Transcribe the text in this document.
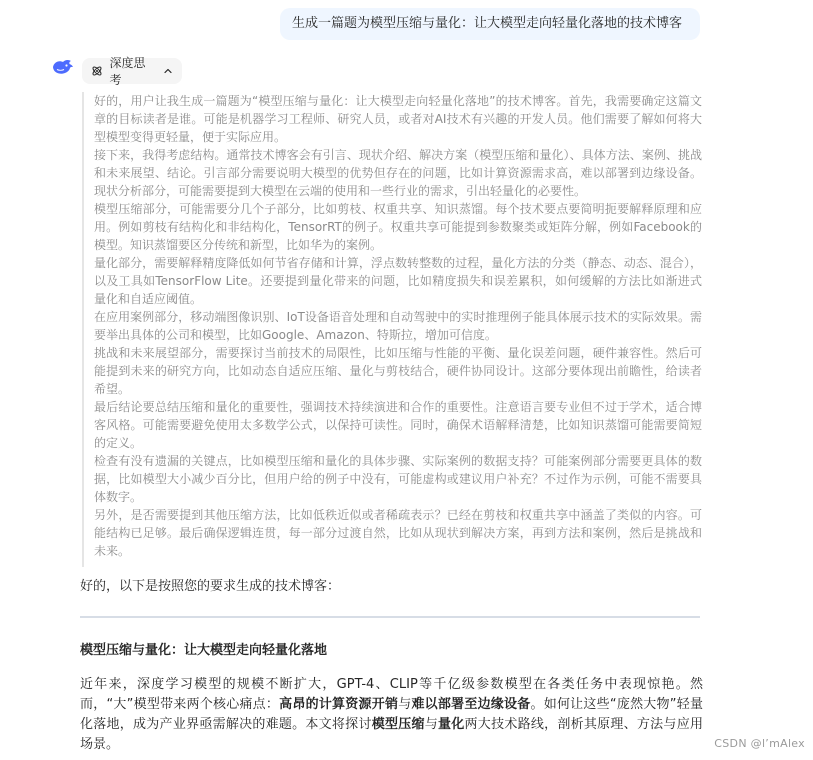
生成一篇题为模型压缩与量化：让大模型走向轻量化落地的技术博客
深度思考

好的，用户让我生成一篇题为“模型压缩与量化：让大模型走向轻量化落地”的技术博客。首先，我需要确定这篇文章的目标读者是谁。可能是机器学习工程师、研究人员，或者对AI技术有兴趣的开发人员。他们需要了解如何将大型模型变得更轻量，便于实际应用。

接下来，我得考虑结构。通常技术博客会有引言、现状介绍、解决方案（模型压缩和量化）、具体方法、案例、挑战和未来展望、结论。引言部分需要说明大模型的优势但存在的问题，比如计算资源需求高，难以部署到边缘设备。现状分析部分，可能需要提到大模型在云端的使用和一些行业的需求，引出轻量化的必要性。

模型压缩部分，可能需要分几个子部分，比如剪枝、权重共享、知识蒸馏。每个技术要点要简明扼要解释原理和应用。例如剪枝有结构化和非结构化，TensorRT的例子。权重共享可能提到参数聚类或矩阵分解，例如Facebook的模型。知识蒸馏要区分传统和新型，比如华为的案例。

量化部分，需要解释精度降低如何节省存储和计算，浮点数转整数的过程，量化方法的分类（静态、动态、混合），以及工具如TensorFlow Lite。还要提到量化带来的问题，比如精度损失和误差累积，如何缓解的方法比如渐进式量化和自适应阈值。

在应用案例部分，移动端图像识别、IoT设备语音处理和自动驾驶中的实时推理例子能具体展示技术的实际效果。需要举出具体的公司和模型，比如Google、Amazon、特斯拉，增加可信度。

挑战和未来展望部分，需要探讨当前技术的局限性，比如压缩与性能的平衡、量化误差问题，硬件兼容性。然后可能提到未来的研究方向，比如动态自适应压缩、量化与剪枝结合，硬件协同设计。这部分要体现出前瞻性，给读者希望。

最后结论要总结压缩和量化的重要性，强调技术持续演进和合作的重要性。注意语言要专业但不过于学术，适合博客风格。可能需要避免使用太多数学公式，以保持可读性。同时，确保术语解释清楚，比如知识蒸馏可能需要简短的定义。

检查有没有遗漏的关键点，比如模型压缩和量化的具体步骤、实际案例的数据支持？可能案例部分需要更具体的数据，比如模型大小减少百分比，但用户给的例子中没有，可能虚构或建议用户补充？不过作为示例，可能不需要具体数字。

另外，是否需要提到其他压缩方法，比如低秩近似或者稀疏表示？已经在剪枝和权重共享中涵盖了类似的内容。可能结构已足够。最后确保逻辑连贯，每一部分过渡自然，比如从现状到解决方案，再到方法和案例，然后是挑战和未来。

好的，以下是按照您的要求生成的技术博客：
模型压缩与量化：让大模型走向轻量化落地
近年来，深度学习模型的规模不断扩大，GPT-4、CLIP等千亿级参数模型在各类任务中表现惊艳。然而，“大”模型带来两个核心痛点：高昂的计算资源开销与难以部署至边缘设备。如何让这些“庞然大物”轻量化落地，成为产业界亟需解决的难题。本文将探讨模型压缩与量化两大技术路线，剖析其原理、方法与应用场景。	CSDN @l’mAlex
